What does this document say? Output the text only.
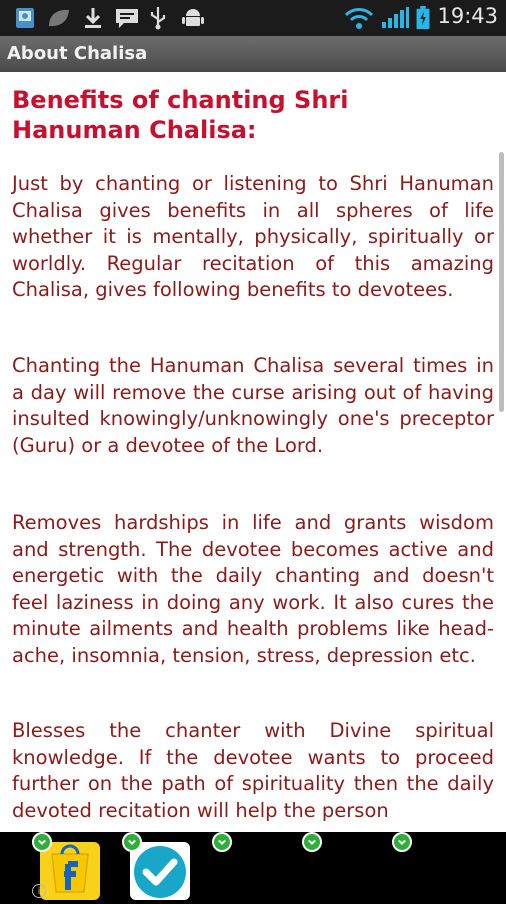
19:43
About Chalisa
Benefits of chanting Shri Hanuman Chalisa:

Just by chanting or listening to Shri Hanuman Chalisa gives benefits in all spheres of life whether it is mentally, physically, spiritually or worldly. Regular recitation of this amazing Chalisa, gives following benefits to devotees.

Chanting the Hanuman Chalisa several times in a day will remove the curse arising out of having insulted knowingly/unknowingly one's preceptor (Guru) or a devotee of the Lord.

Removes hardships in life and grants wisdom and strength. The devotee becomes active and energetic with the daily chanting and doesn't feel laziness in doing any work. It also cures the minute ailments and health problems like head-ache, insomnia, tension, stress, depression etc.

Blesses the chanter with Divine spiritual knowledge. If the devotee wants to proceed further on the path of spirituality then the daily devoted recitation will help the person

i
